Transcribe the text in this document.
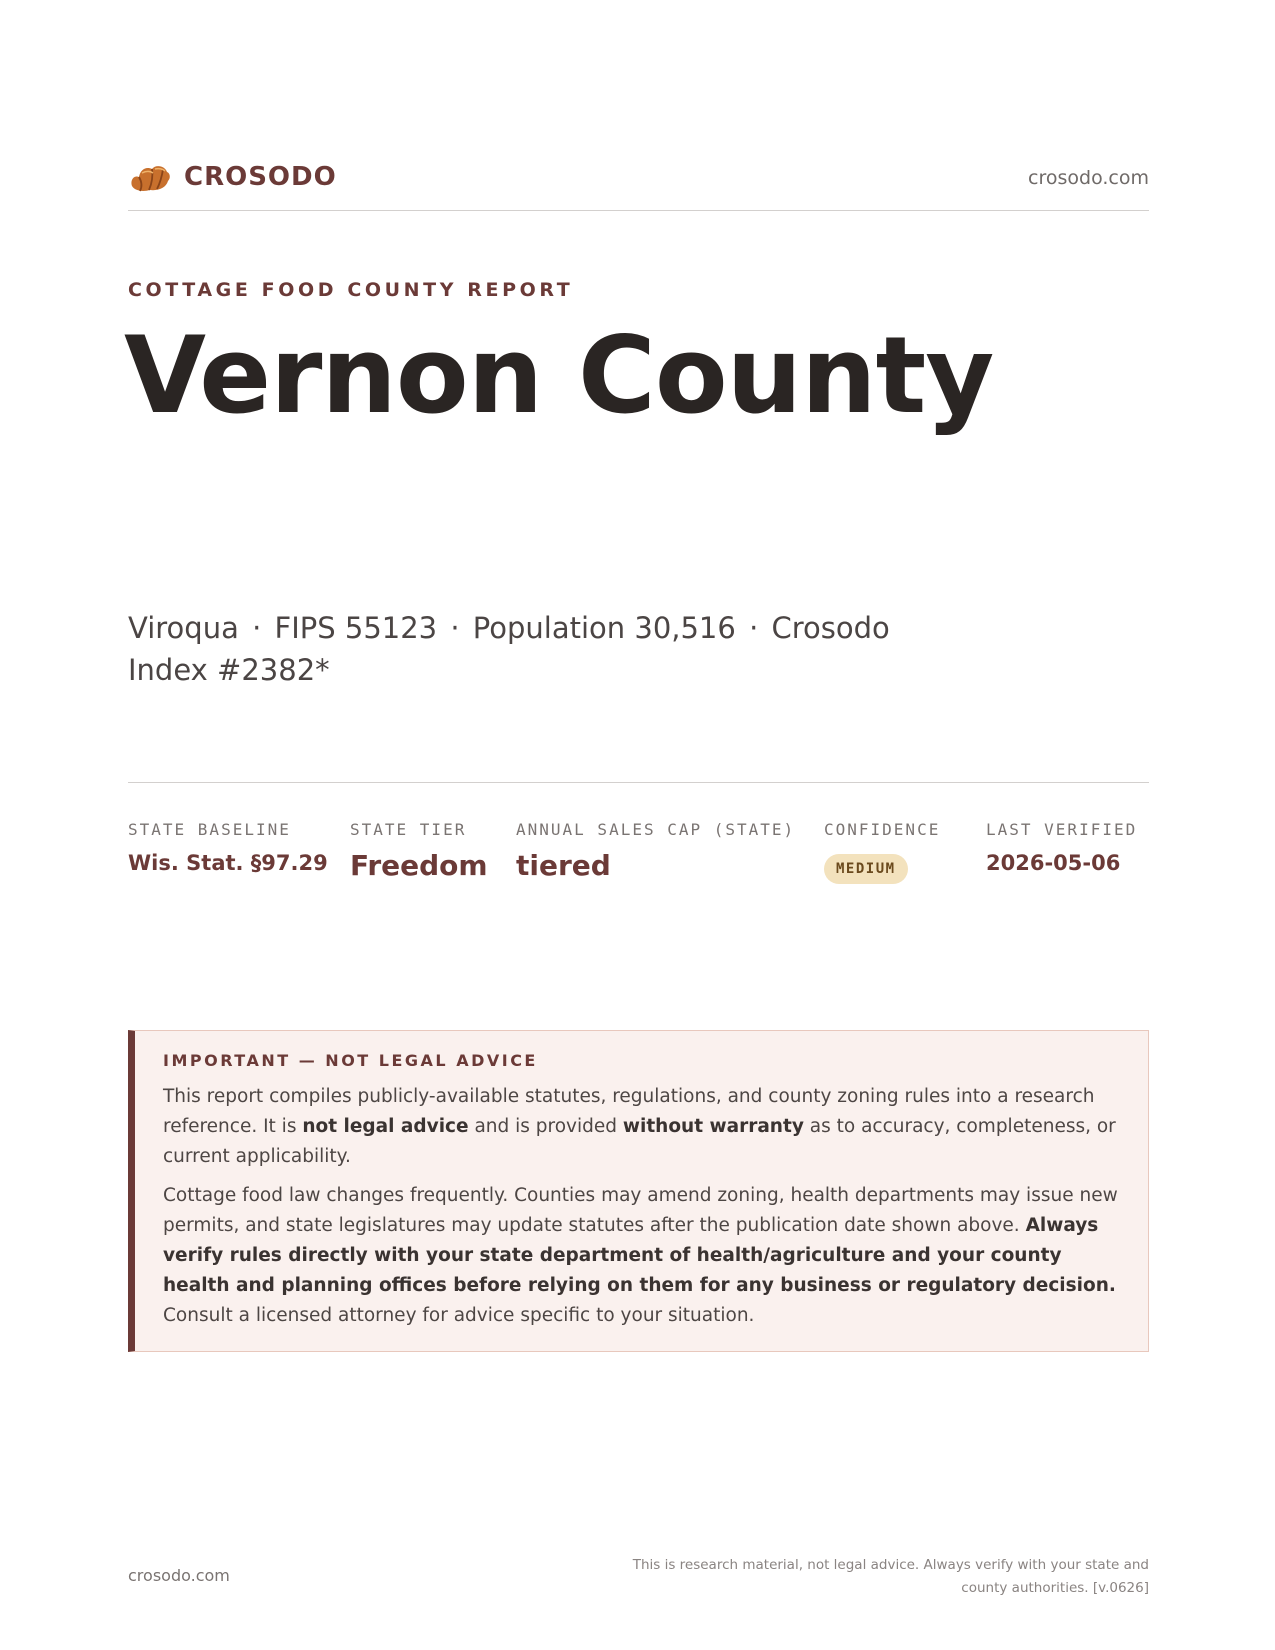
CROSODO	crosodo.com
COTTAGE FOOD COUNTY REPORT
Vernon County
Viroqua · FIPS 55123 · Population 30,516 · Crosodo Index #2382*
STATE BASELINE
Wis. Stat. §97.29
STATE TIER
Freedom
ANNUAL SALES CAP (STATE)
tiered
CONFIDENCE
MEDIUM
LAST VERIFIED
2026-05-06
IMPORTANT — NOT LEGAL ADVICE

This report compiles publicly-available statutes, regulations, and county zoning rules into a research reference. It is not legal advice and is provided without warranty as to accuracy, completeness, or current applicability.

Cottage food law changes frequently. Counties may amend zoning, health departments may issue new permits, and state legislatures may update statutes after the publication date shown above. Always verify rules directly with your state department of health/agriculture and your county health and planning offices before relying on them for any business or regulatory decision. Consult a licensed attorney for advice specific to your situation.

crosodo.com
This is research material, not legal advice. Always verify with your state and county authorities. [v.0626]
